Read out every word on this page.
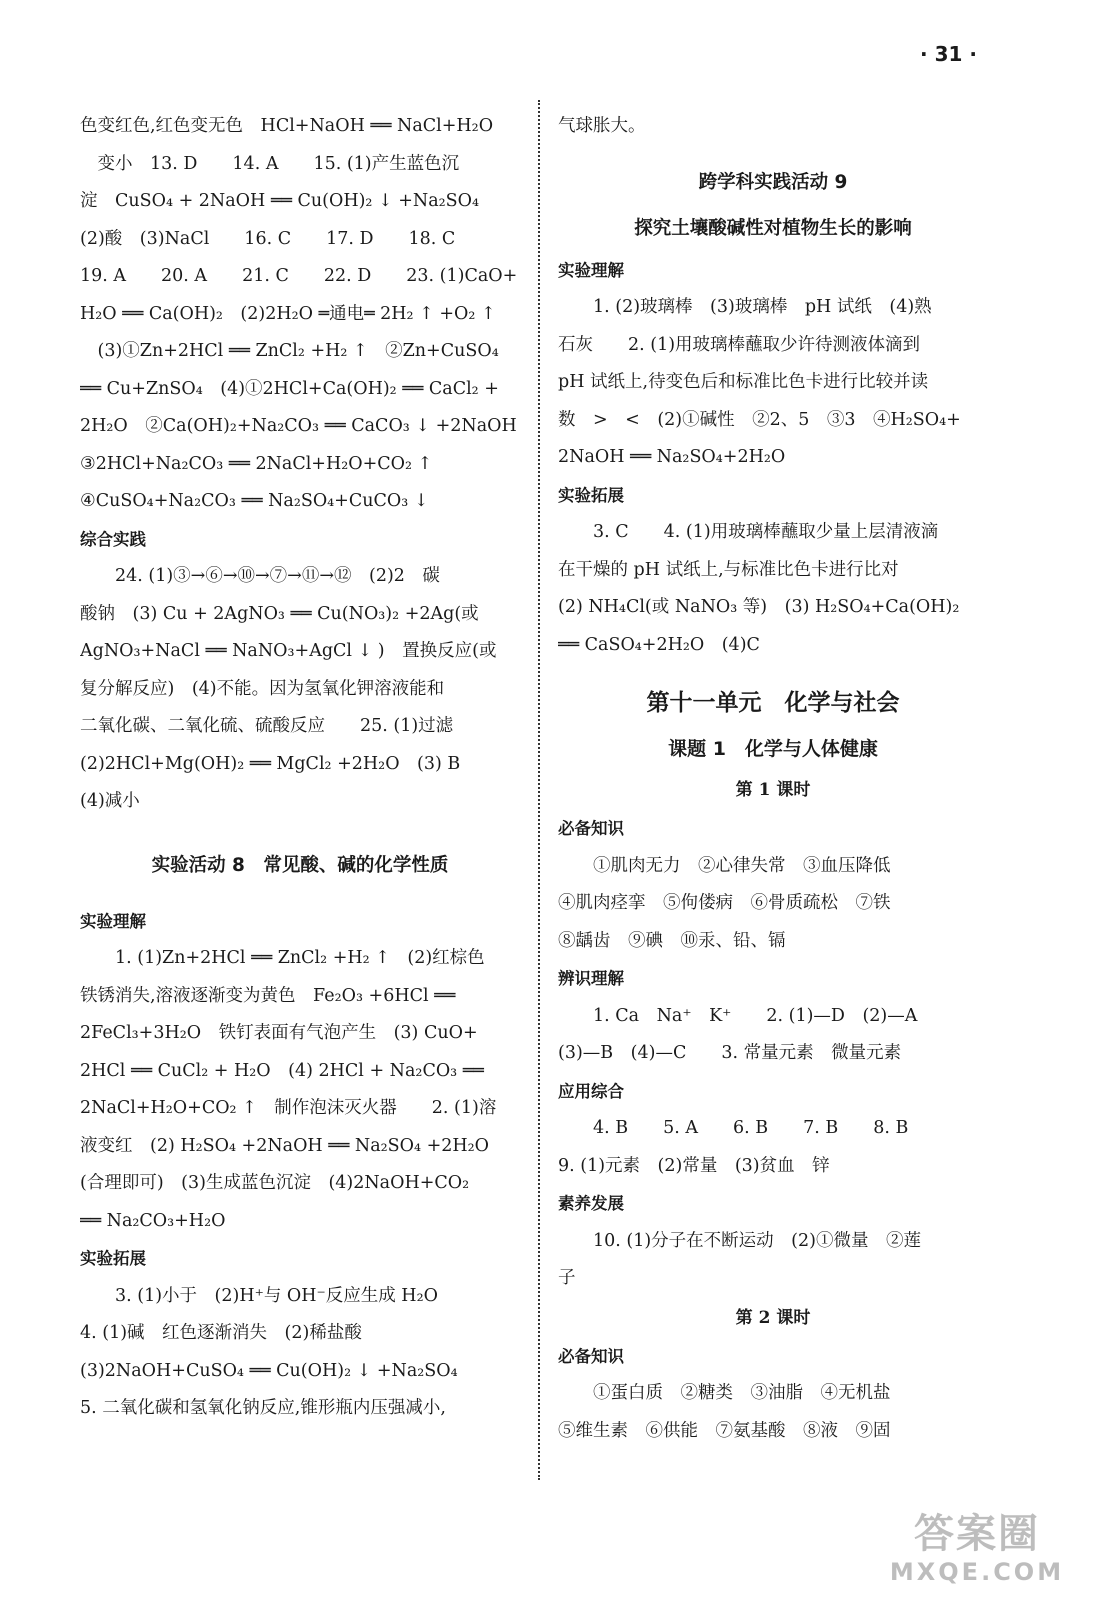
· 31 ·
色变红色,红色变无色　HCl+NaOH ══ NaCl+H₂O
　变小　13. D　　14. A　　15. (1)产生蓝色沉
淀　CuSO₄ + 2NaOH ══ Cu(OH)₂ ↓ +Na₂SO₄
(2)酸　(3)NaCl　　16. C　　17. D　　18. C
19. A　　20. A　　21. C　　22. D　　23. (1)CaO+
H₂O ══ Ca(OH)₂　(2)2H₂O ═通电═ 2H₂ ↑ +O₂ ↑
　(3)①Zn+2HCl ══ ZnCl₂ +H₂ ↑　②Zn+CuSO₄
══ Cu+ZnSO₄　(4)①2HCl+Ca(OH)₂ ══ CaCl₂ +
2H₂O　②Ca(OH)₂+Na₂CO₃ ══ CaCO₃ ↓ +2NaOH
③2HCl+Na₂CO₃ ══ 2NaCl+H₂O+CO₂ ↑
④CuSO₄+Na₂CO₃ ══ Na₂SO₄+CuCO₃ ↓
综合实践
　　24. (1)③→⑥→⑩→⑦→⑪→⑫　(2)2　碳
酸钠　(3) Cu + 2AgNO₃ ══ Cu(NO₃)₂ +2Ag(或
AgNO₃+NaCl ══ NaNO₃+AgCl ↓ )　置换反应(或
复分解反应)　(4)不能。因为氢氧化钾溶液能和
二氧化碳、二氧化硫、硫酸反应　　25. (1)过滤
(2)2HCl+Mg(OH)₂ ══ MgCl₂ +2H₂O　(3) B
(4)减小
实验活动 8　常见酸、碱的化学性质
实验理解
　　1. (1)Zn+2HCl ══ ZnCl₂ +H₂ ↑　(2)红棕色
铁锈消失,溶液逐渐变为黄色　Fe₂O₃ +6HCl ══
2FeCl₃+3H₂O　铁钉表面有气泡产生　(3) CuO+
2HCl ══ CuCl₂ + H₂O　(4) 2HCl + Na₂CO₃ ══
2NaCl+H₂O+CO₂ ↑　制作泡沫灭火器　　2. (1)溶
液变红　(2) H₂SO₄ +2NaOH ══ Na₂SO₄ +2H₂O
(合理即可)　(3)生成蓝色沉淀　(4)2NaOH+CO₂
══ Na₂CO₃+H₂O
实验拓展
　　3. (1)小于　(2)H⁺与 OH⁻反应生成 H₂O
4. (1)碱　红色逐渐消失　(2)稀盐酸
(3)2NaOH+CuSO₄ ══ Cu(OH)₂ ↓ +Na₂SO₄
5. 二氧化碳和氢氧化钠反应,锥形瓶内压强减小,
气球胀大。
跨学科实践活动 9
探究土壤酸碱性对植物生长的影响
实验理解
　　1. (2)玻璃棒　(3)玻璃棒　pH 试纸　(4)熟
石灰　　2. (1)用玻璃棒蘸取少许待测液体滴到
pH 试纸上,待变色后和标准比色卡进行比较并读
数　>　<　(2)①碱性　②2、5　③3　④H₂SO₄+
2NaOH ══ Na₂SO₄+2H₂O
实验拓展
　　3. C　　4. (1)用玻璃棒蘸取少量上层清液滴
在干燥的 pH 试纸上,与标准比色卡进行比对
(2) NH₄Cl(或 NaNO₃ 等)　(3) H₂SO₄+Ca(OH)₂
══ CaSO₄+2H₂O　(4)C
第十一单元　化学与社会
课题 1　化学与人体健康
第 1 课时
必备知识
　　①肌肉无力　②心律失常　③血压降低
④肌肉痉挛　⑤佝偻病　⑥骨质疏松　⑦铁
⑧龋齿　⑨碘　⑩汞、铅、镉
辨识理解
　　1. Ca　Na⁺　K⁺　　2. (1)—D　(2)—A
(3)—B　(4)—C　　3. 常量元素　微量元素
应用综合
　　4. B　　5. A　　6. B　　7. B　　8. B
9. (1)元素　(2)常量　(3)贫血　锌
素养发展
　　10. (1)分子在不断运动　(2)①微量　②莲
子
第 2 课时
必备知识
　　①蛋白质　②糖类　③油脂　④无机盐
⑤维生素　⑥供能　⑦氨基酸　⑧液　⑨固
答案圈
MXQE.COM
